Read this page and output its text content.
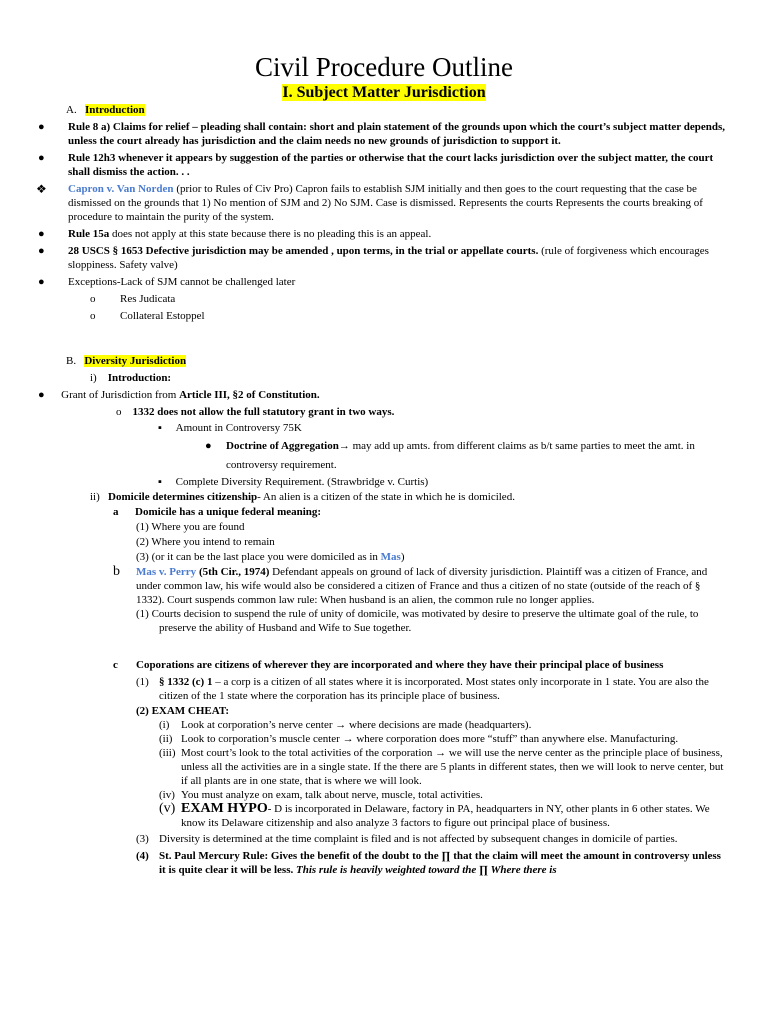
Civil Procedure Outline
I. Subject Matter Jurisdiction
A. Introduction
● Rule 8 a) Claims for relief – pleading shall contain: short and plain statement of the grounds upon which the court’s subject matter depends, unless the court already has jurisdiction and the claim needs no new grounds of jurisdiction to support it.
● Rule 12h3 whenever it appears by suggestion of the parties or otherwise that the court lacks jurisdiction over the subject matter, the court shall dismiss the action. . .
❖ Capron v. Van Norden (prior to Rules of Civ Pro) Capron fails to establish SJM initially and then goes to the court requesting that the case be dismissed on the grounds that 1) No mention of SJM and 2) No SJM. Case is dismissed. Represents the courts Represents the courts breaking of procedure to maintain the purity of the system.
● Rule 15a does not apply at this state because there is no pleading this is an appeal.
● 28 USCS § 1653 Defective jurisdiction may be amended , upon terms, in the trial or appellate courts. (rule of forgiveness which encourages sloppiness. Safety valve)
● Exceptions-Lack of SJM cannot be challenged later
o Res Judicata
o Collateral Estoppel
B. Diversity Jurisdiction
i) Introduction:
● Grant of Jurisdiction from Article III, §2 of Constitution.
o 1332 does not allow the full statutory grant in two ways.
▪ Amount in Controversy 75K
● Doctrine of Aggregation→ may add up amts. from different claims as b/t same parties to meet the amt. in controversy requirement.
▪ Complete Diversity Requirement. (Strawbridge v. Curtis)
ii) Domicile determines citizenship- An alien is a citizen of the state in which he is domiciled.
a Domicile has a unique federal meaning:
(1) Where you are found
(2) Where you intend to remain
(3) (or it can be the last place you were domiciled as in Mas)
b Mas v. Perry (5th Cir., 1974) Defendant appeals on ground of lack of diversity jurisdiction. Plaintiff was a citizen of France, and under common law, his wife would also be considered a citizen of France and thus a citizen of no state (outside of the reach of § 1332). Court suspends common law rule: When husband is an alien, the common rule no longer applies.
(1) Courts decision to suspend the rule of unity of domicile, was motivated by desire to preserve the ultimate goal of the rule, to preserve the ability of Husband and Wife to Sue together.
c Coporations are citizens of wherever they are incorporated and where they have their principal place of business
(1) § 1332 (c) 1 – a corp is a citizen of all states where it is incorporated. Most states only incorporate in 1 state. You are also the citizen of the 1 state where the corporation has its principle place of business.
(2) EXAM CHEAT:
(i) Look at corporation’s nerve center → where decisions are made (headquarters).
(ii) Look to corporation’s muscle center → where corporation does more “stuff” than anywhere else. Manufacturing.
(iii) Most court’s look to the total activities of the corporation → we will use the nerve center as the principle place of business, unless all the activities are in a single state. If the there are 5 plants in different states, then we will look to nerve center, but if all plants are in one state, that is where we will look.
(iv) You must analyze on exam, talk about nerve, muscle, total activities.
(v) EXAM HYPO- D is incorporated in Delaware, factory in PA, headquarters in NY, other plants in 6 other states. We know its Delaware citizenship and also analyze 3 factors to figure out principal place of business.
(3) Diversity is determined at the time complaint is filed and is not affected by subsequent changes in domicile of parties.
(4) St. Paul Mercury Rule: Gives the benefit of the doubt to the ∏ that the claim will meet the amount in controversy unless it is quite clear it will be less. This rule is heavily weighted toward the ∏ Where there is
